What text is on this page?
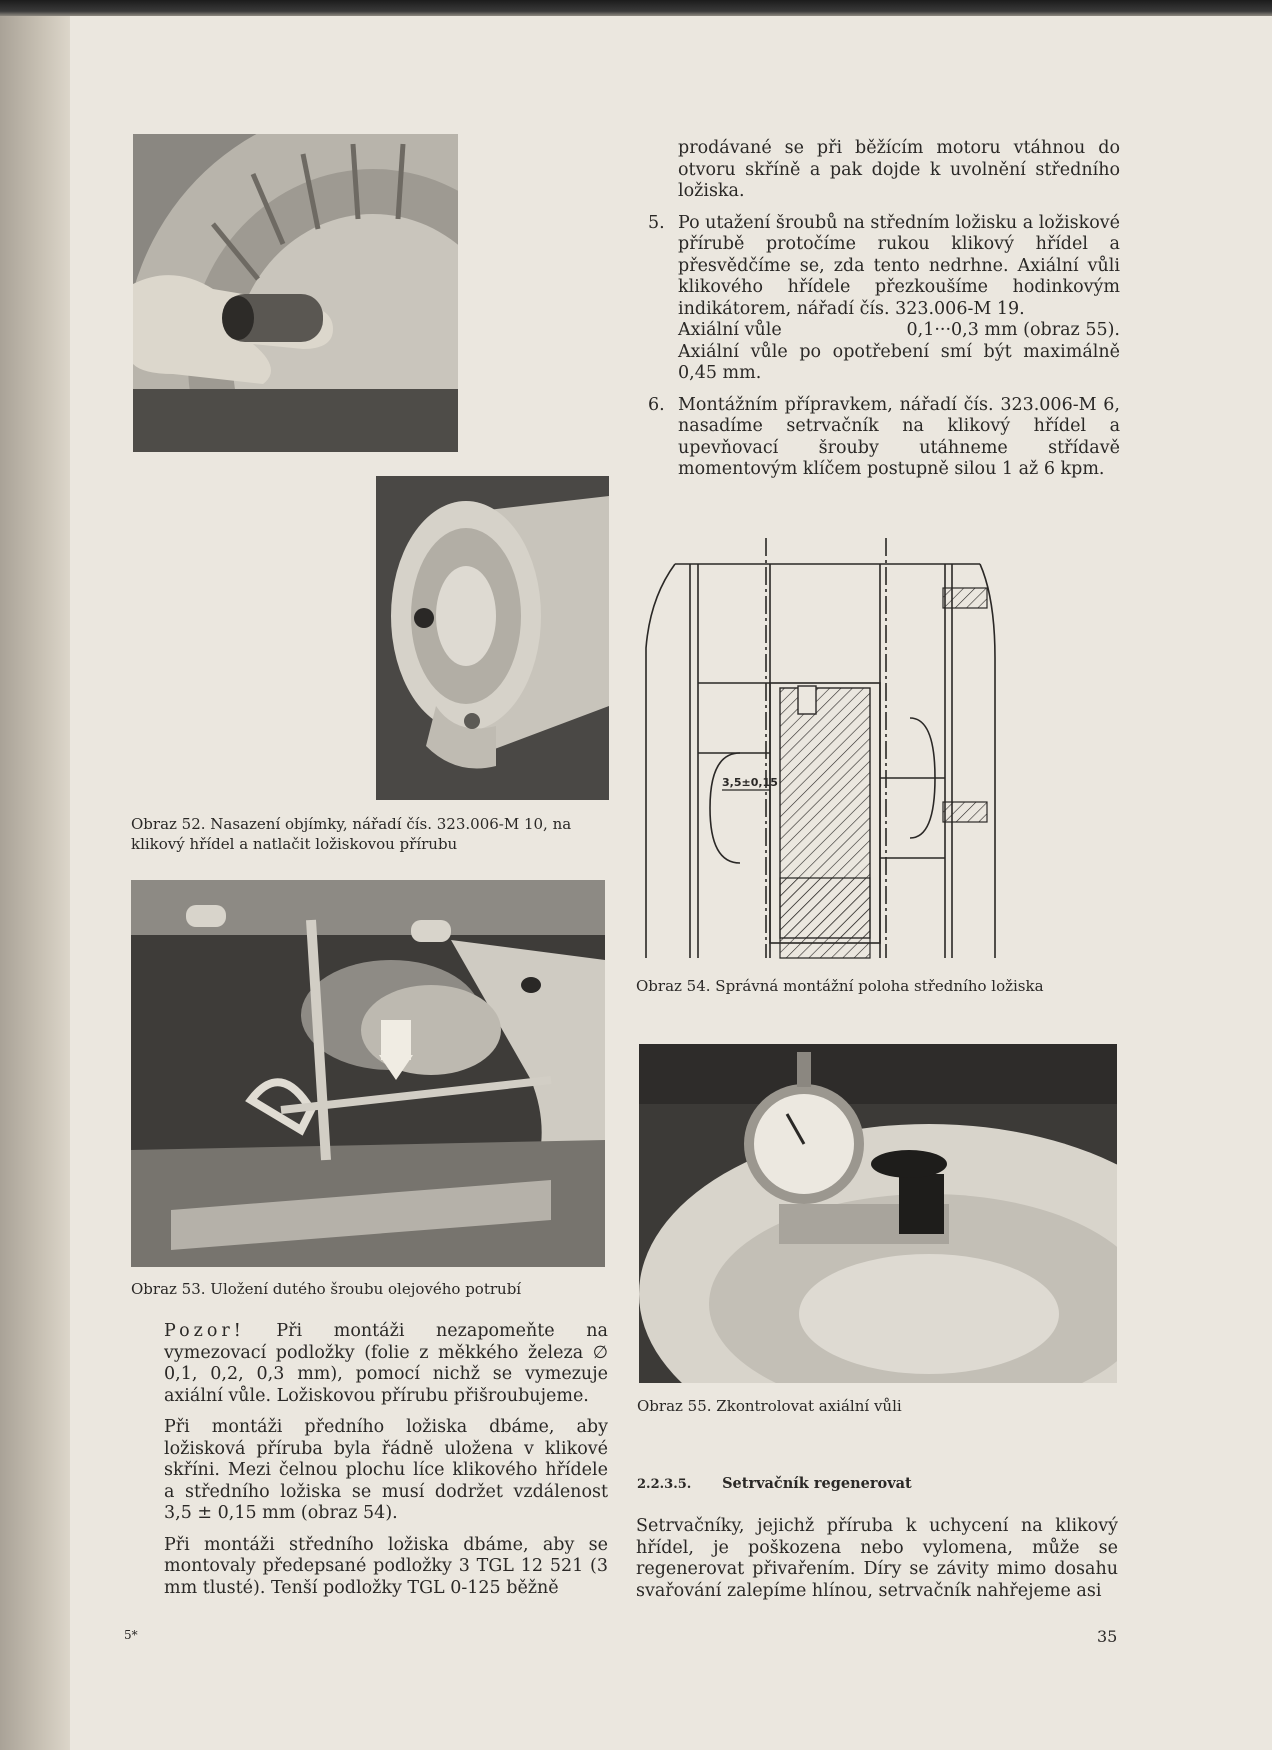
Obraz 52. Nasazení objímky, nářadí čís. 323.006-M 10, na klikový hřídel a natlačit ložiskovou přírubu
Obraz 53. Uložení dutého šroubu olejového potrubí

Pozor! Při montáži nezapomeňte na vymezovací podložky (folie z měkkého železa ∅ 0,1, 0,2, 0,3 mm), pomocí nichž se vymezuje axiální vůle. Ložiskovou přírubu přišroubujeme.

Při montáži předního ložiska dbáme, aby ložisková příruba byla řádně uložena v klikové skříni. Mezi čelnou plochu líce klikového hřídele a středního ložiska se musí dodržet vzdálenost 3,5 ± 0,15 mm (obraz 54).

Při montáži středního ložiska dbáme, aby se montovaly předepsané podložky 3 TGL 12 521 (3 mm tlusté). Tenší podložky TGL 0-125 běžně

5*

prodávané se při běžícím motoru vtáhnou do otvoru skříně a pak dojde k uvolnění středního ložiska.

5. Po utažení šroubů na středním ložisku a ložiskové přírubě protočíme rukou klikový hřídel a přesvědčíme se, zda tento nedrhne. Axiální vůli klikového hřídele přezkoušíme hodinkovým indikátorem, nářadí čís. 323.006-M 19.

Axiální vůle	0,1···0,3 mm (obraz 55).

Axiální vůle po opotřebení smí být maximálně 0,45 mm.

6. Montážním přípravkem, nářadí čís. 323.006-M 6, nasadíme setrvačník na klikový hřídel a upevňovací šrouby utáhneme střídavě momentovým klíčem postupně silou 1 až 6 kpm.

3,5±0,15
Obraz 54. Správná montážní poloha středního ložiska
Obraz 55. Zkontrolovat axiální vůli
2.2.3.5. Setrvačník regenerovat

Setrvačníky, jejichž příruba k uchycení na klikový hřídel, je poškozena nebo vylomena, může se regenerovat přivařením. Díry se závity mimo dosahu svařování zalepíme hlínou, setrvačník nahřejeme asi

35
